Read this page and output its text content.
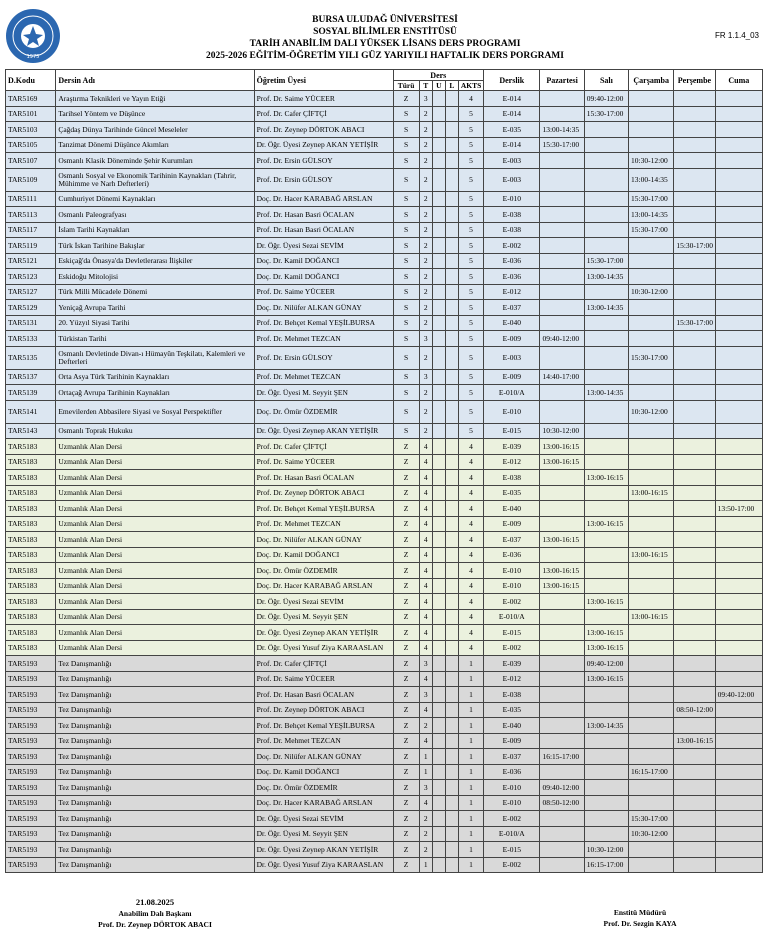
1975
BURSA ULUDAĞ ÜNİVERSİTESİ
SOSYAL BİLİMLER ENSTİTÜSÜ
TARİH ANABİLİM DALI YÜKSEK LİSANS DERS PROGRAMI
2025-2026 EĞİTİM-ÖĞRETİM YILI GÜZ YARIYILI HAFTALIK DERS PORGRAMI
FR 1.1.4_03
D.Kodu	Dersin Adı	Öğretim Üyesi	Ders					Derslik	Pazartesi	Salı	Çarşamba	Perşembe	Cuma
			Türü	T	U	L	AKTS						
TAR5169	Araştırma Teknikleri ve Yayın Etiği	Prof. Dr. Saime YÜCEER	Z	3			4	E-014		09:40-12:00			
TAR5101	Tarihsel Yöntem ve Düşünce	Prof. Dr. Cafer ÇİFTÇİ	S	2			5	E-014		15:30-17:00			
TAR5103	Çağdaş Dünya Tarihinde Güncel Meseleler	Prof. Dr. Zeynep DÖRTOK ABACI	S	2			5	E-035	13:00-14:35				
TAR5105	Tanzimat Dönemi Düşünce Akımları	Dr. Öğr. Üyesi Zeynep AKAN YETİŞİR	S	2			5	E-014	15:30-17:00				
TAR5107	Osmanlı Klasik Döneminde Şehir Kurumları	Prof. Dr. Ersin GÜLSOY	S	2			5	E-003			10:30-12:00		
TAR5109	Osmanlı Sosyal ve Ekonomik Tarihinin Kaynakları (Tahrir, Mühimme ve Narh Defterleri)	Prof. Dr. Ersin GÜLSOY	S	2			5	E-003			13:00-14:35		
TAR5111	Cumhuriyet Dönemi Kaynakları	Doç. Dr. Hacer KARABAĞ ARSLAN	S	2			5	E-010			15:30-17:00		
TAR5113	Osmanlı Paleografyası	Prof. Dr. Hasan Basri ÖCALAN	S	2			5	E-038			13:00-14:35		
TAR5117	İslam Tarihi Kaynakları	Prof. Dr. Hasan Basri ÖCALAN	S	2			5	E-038			15:30-17:00		
TAR5119	Türk İskan Tarihine Bakışlar	Dr. Öğr. Üyesi Sezai SEVİM	S	2			5	E-002				15:30-17:00	
TAR5121	Eskiçağ'da Önasya'da Devletlerarası İlişkiler	Doç. Dr. Kamil DOĞANCI	S	2			5	E-036		15:30-17:00			
TAR5123	Eskidoğu Mitolojisi	Doç. Dr. Kamil DOĞANCI	S	2			5	E-036		13:00-14:35			
TAR5127	Türk Milli Mücadele Dönemi	Prof. Dr. Saime YÜCEER	S	2			5	E-012			10:30-12:00		
TAR5129	Yeniçağ Avrupa Tarihi	Doç. Dr. Nilüfer ALKAN GÜNAY	S	2			5	E-037		13:00-14:35			
TAR5131	20. Yüzyıl Siyasi Tarihi	Prof. Dr. Behçet Kemal YEŞİLBURSA	S	2			5	E-040				15:30-17:00	
TAR5133	Türkistan Tarihi	Prof. Dr. Mehmet TEZCAN	S	3			5	E-009	09:40-12:00				
TAR5135	Osmanlı Devletinde Divan-ı Hümayûn Teşkilatı, Kalemleri ve Defterleri	Prof. Dr. Ersin GÜLSOY	S	2			5	E-003			15:30-17:00		
TAR5137	Orta Asya Türk Tarihinin Kaynakları	Prof. Dr. Mehmet TEZCAN	S	3			5	E-009	14:40-17:00				
TAR5139	Ortaçağ Avrupa Tarihinin Kaynakları	Dr. Öğr. Üyesi M. Seyyit ŞEN	S	2			5	E-010/A		13:00-14:35			
TAR5141	Emevilerden Abbasilere Siyasi ve Sosyal Perspektifler	Doç. Dr. Ömür ÖZDEMİR	S	2			5	E-010			10:30-12:00		
TAR5143	Osmanlı Toprak Hukuku	Dr. Öğr. Üyesi Zeynep AKAN YETİŞİR	S	2			5	E-015	10:30-12:00				
TAR5183	Uzmanlık Alan Dersi	Prof. Dr. Cafer ÇİFTÇİ	Z	4			4	E-039	13:00-16:15				
TAR5183	Uzmanlık Alan Dersi	Prof. Dr. Saime YÜCEER	Z	4			4	E-012	13:00-16:15				
TAR5183	Uzmanlık Alan Dersi	Prof. Dr. Hasan Basri ÖCALAN	Z	4			4	E-038		13:00-16:15			
TAR5183	Uzmanlık Alan Dersi	Prof. Dr. Zeynep DÖRTOK ABACI	Z	4			4	E-035			13:00-16:15		
TAR5183	Uzmanlık Alan Dersi	Prof. Dr. Behçet Kemal YEŞİLBURSA	Z	4			4	E-040					13:50-17:00
TAR5183	Uzmanlık Alan Dersi	Prof. Dr. Mehmet TEZCAN	Z	4			4	E-009		13:00-16:15			
TAR5183	Uzmanlık Alan Dersi	Doç. Dr. Nilüfer ALKAN GÜNAY	Z	4			4	E-037	13:00-16:15				
TAR5183	Uzmanlık Alan Dersi	Doç. Dr. Kamil DOĞANCI	Z	4			4	E-036			13:00-16:15		
TAR5183	Uzmanlık Alan Dersi	Doç. Dr. Ömür ÖZDEMİR	Z	4			4	E-010	13:00-16:15				
TAR5183	Uzmanlık Alan Dersi	Doç. Dr. Hacer KARABAĞ ARSLAN	Z	4			4	E-010	13:00-16:15				
TAR5183	Uzmanlık Alan Dersi	Dr. Öğr. Üyesi Sezai SEVİM	Z	4			4	E-002		13:00-16:15			
TAR5183	Uzmanlık Alan Dersi	Dr. Öğr. Üyesi M. Seyyit ŞEN	Z	4			4	E-010/A			13:00-16:15		
TAR5183	Uzmanlık Alan Dersi	Dr. Öğr. Üyesi Zeynep AKAN YETİŞİR	Z	4			4	E-015		13:00-16:15			
TAR5183	Uzmanlık Alan Dersi	Dr. Öğr. Üyesi Yusuf Ziya KARAASLAN	Z	4			4	E-002		13:00-16:15			
TAR5193	Tez Danışmanlığı	Prof. Dr. Cafer ÇİFTÇİ	Z	3			1	E-039		09:40-12:00			
TAR5193	Tez Danışmanlığı	Prof. Dr. Saime YÜCEER	Z	4			1	E-012		13:00-16:15			
TAR5193	Tez Danışmanlığı	Prof. Dr. Hasan Basri ÖCALAN	Z	3			1	E-038					09:40-12:00
TAR5193	Tez Danışmanlığı	Prof. Dr. Zeynep DÖRTOK ABACI	Z	4			1	E-035				08:50-12:00	
TAR5193	Tez Danışmanlığı	Prof. Dr. Behçet Kemal YEŞİLBURSA	Z	2			1	E-040		13:00-14:35			
TAR5193	Tez Danışmanlığı	Prof. Dr. Mehmet TEZCAN	Z	4			1	E-009				13:00-16:15	
TAR5193	Tez Danışmanlığı	Doç. Dr. Nilüfer ALKAN GÜNAY	Z	1			1	E-037	16:15-17:00				
TAR5193	Tez Danışmanlığı	Doç. Dr. Kamil DOĞANCI	Z	1			1	E-036			16:15-17:00		
TAR5193	Tez Danışmanlığı	Doç. Dr. Ömür ÖZDEMİR	Z	3			1	E-010	09:40-12:00				
TAR5193	Tez Danışmanlığı	Doç. Dr. Hacer KARABAĞ ARSLAN	Z	4			1	E-010	08:50-12:00				
TAR5193	Tez Danışmanlığı	Dr. Öğr. Üyesi Sezai SEVİM	Z	2			1	E-002			15:30-17:00		
TAR5193	Tez Danışmanlığı	Dr. Öğr. Üyesi M. Seyyit ŞEN	Z	2			1	E-010/A			10:30-12:00		
TAR5193	Tez Danışmanlığı	Dr. Öğr. Üyesi Zeynep AKAN YETİŞİR	Z	2			1	E-015		10:30-12:00			
TAR5193	Tez Danışmanlığı	Dr. Öğr. Üyesi Yusuf Ziya KARAASLAN	Z	1			1	E-002		16:15-17:00			
21.08.2025
Anabilim Dalı Başkanı
Prof. Dr. Zeynep DÖRTOK ABACI
Enstitü Müdürü
Prof. Dr. Sezgin KAYA
